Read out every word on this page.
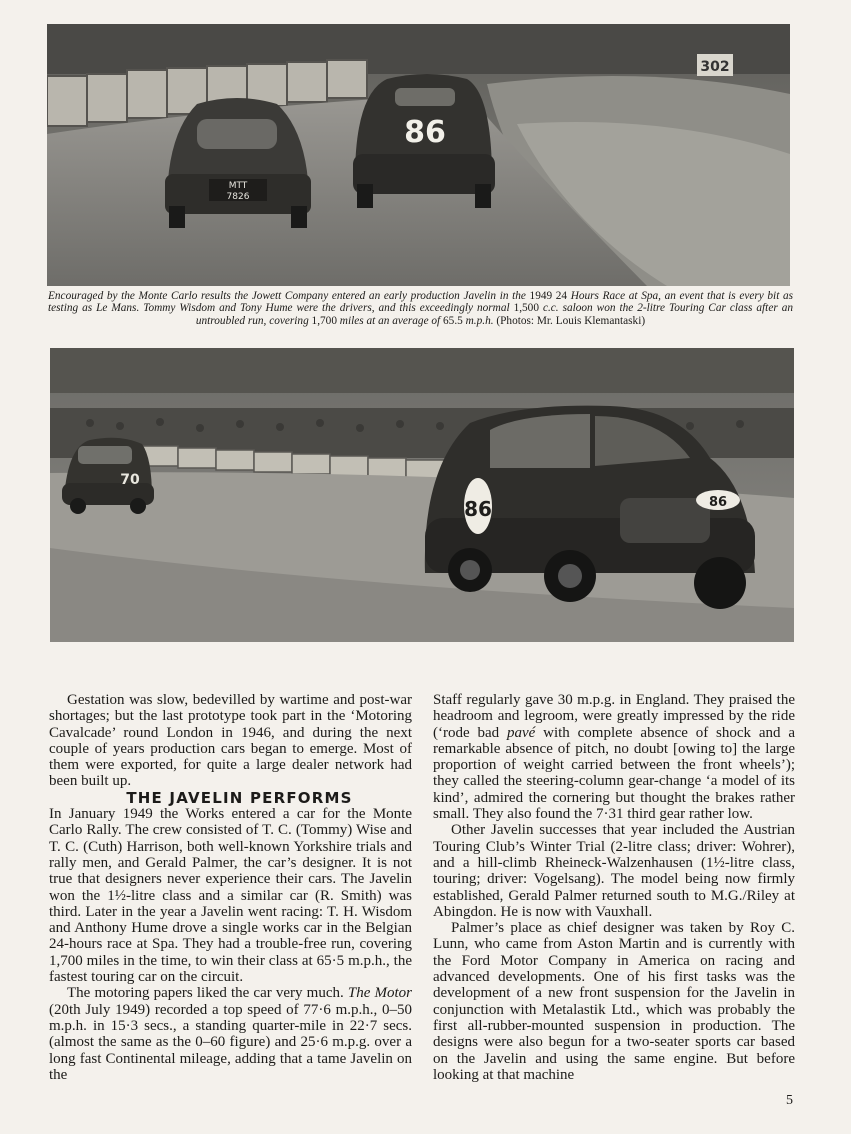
302
MTT
7826
86
Encouraged by the Monte Carlo results the Jowett Company entered an early production Javelin in the 1949 24 Hours Race at Spa, an event that is every bit as testing as Le Mans. Tommy Wisdom and Tony Hume were the drivers, and this exceedingly normal 1,500 c.c. saloon won the 2-litre Touring Car class after an untroubled run, covering 1,700 miles at an average of 65.5 m.p.h. (Photos: Mr. Louis Klemantaski)
70
86	86

Gestation was slow, bedevilled by wartime and post-war shortages; but the last prototype took part in the ‘Motoring Cavalcade’ round London in 1946, and during the next couple of years production cars began to emerge. Most of them were exported, for quite a large dealer network had been built up.

THE JAVELIN PERFORMS

In January 1949 the Works entered a car for the Monte Carlo Rally. The crew consisted of T. C. (Tommy) Wise and T. C. (Cuth) Harrison, both well-known Yorkshire trials and rally men, and Gerald Palmer, the car’s designer. It is not true that designers never experience their cars. The Javelin won the 1½-litre class and a similar car (R. Smith) was third. Later in the year a Javelin went racing: T. H. Wisdom and Anthony Hume drove a single works car in the Belgian 24-hours race at Spa. They had a trouble-free run, covering 1,700 miles in the time, to win their class at 65·5 m.p.h., the fastest touring car on the circuit.

The motoring papers liked the car very much. The Motor (20th July 1949) recorded a top speed of 77·6 m.p.h., 0–50 m.p.h. in 15·3 secs., a standing quarter-mile in 22·7 secs. (almost the same as the 0–60 figure) and 25·6 m.p.g. over a long fast Continental mileage, adding that a tame Javelin on the

Staff regularly gave 30 m.p.g. in England. They praised the headroom and legroom, were greatly impressed by the ride (‘rode bad pavé with complete absence of shock and a remarkable absence of pitch, no doubt [owing to] the large proportion of weight carried between the front wheels’); they called the steering-column gear-change ‘a model of its kind’, admired the cornering but thought the brakes rather small. They also found the 7·31 third gear rather low.

Other Javelin successes that year included the Austrian Touring Club’s Winter Trial (2-litre class; driver: Wohrer), and a hill-climb Rheineck-Walzenhausen (1½-litre class, touring; driver: Vogelsang). The model being now firmly established, Gerald Palmer returned south to M.G./Riley at Abingdon. He is now with Vauxhall.

Palmer’s place as chief designer was taken by Roy C. Lunn, who came from Aston Martin and is currently with the Ford Motor Company in America on racing and advanced developments. One of his first tasks was the development of a new front suspension for the Javelin in conjunction with Metalastik Ltd., which was probably the first all-rubber-mounted suspension in production. The designs were also begun for a two-seater sports car based on the Javelin and using the same engine. But before looking at that machine

5
